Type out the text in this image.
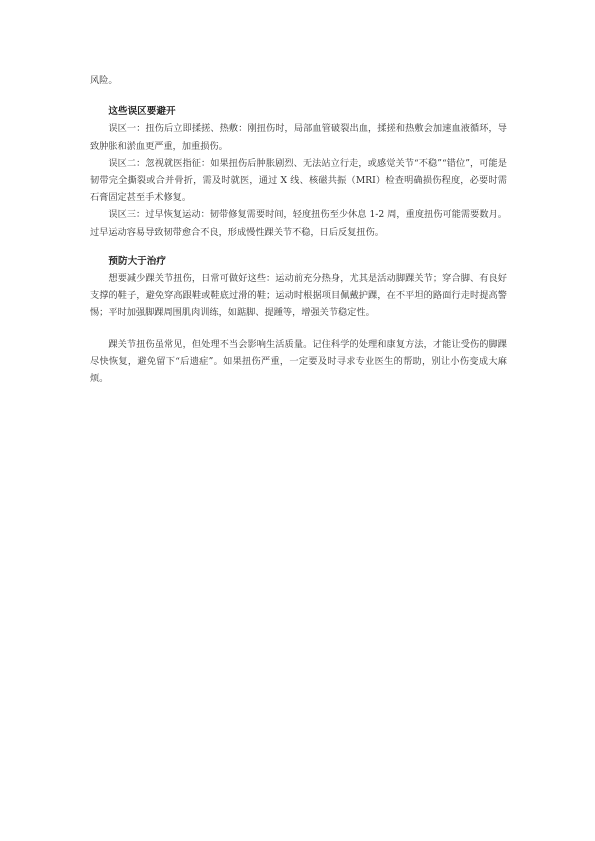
风险。

这些误区要避开

误区一：扭伤后立即揉搓、热敷：刚扭伤时，局部血管破裂出血，揉搓和热敷会加速血液循环，导致肿胀和淤血更严重，加重损伤。

误区二：忽视就医指征：如果扭伤后肿胀剧烈、无法站立行走，或感觉关节“不稳”“错位”，可能是韧带完全撕裂或合并骨折，需及时就医，通过 X 线、核磁共振（MRI）检查明确损伤程度，必要时需石膏固定甚至手术修复。

误区三：过早恢复运动：韧带修复需要时间，轻度扭伤至少休息 1-2 周，重度扭伤可能需要数月。过早运动容易导致韧带愈合不良，形成慢性踝关节不稳，日后反复扭伤。

预防大于治疗

想要减少踝关节扭伤，日常可做好这些：运动前充分热身，尤其是活动脚踝关节；穿合脚、有良好支撑的鞋子，避免穿高跟鞋或鞋底过滑的鞋；运动时根据项目佩戴护踝，在不平坦的路面行走时提高警惕；平时加强脚踝周围肌肉训练，如踮脚、提踵等，增强关节稳定性。

踝关节扭伤虽常见，但处理不当会影响生活质量。记住科学的处理和康复方法，才能让受伤的脚踝尽快恢复，避免留下“后遗症”。如果扭伤严重，一定要及时寻求专业医生的帮助，别让小伤变成大麻烦。
